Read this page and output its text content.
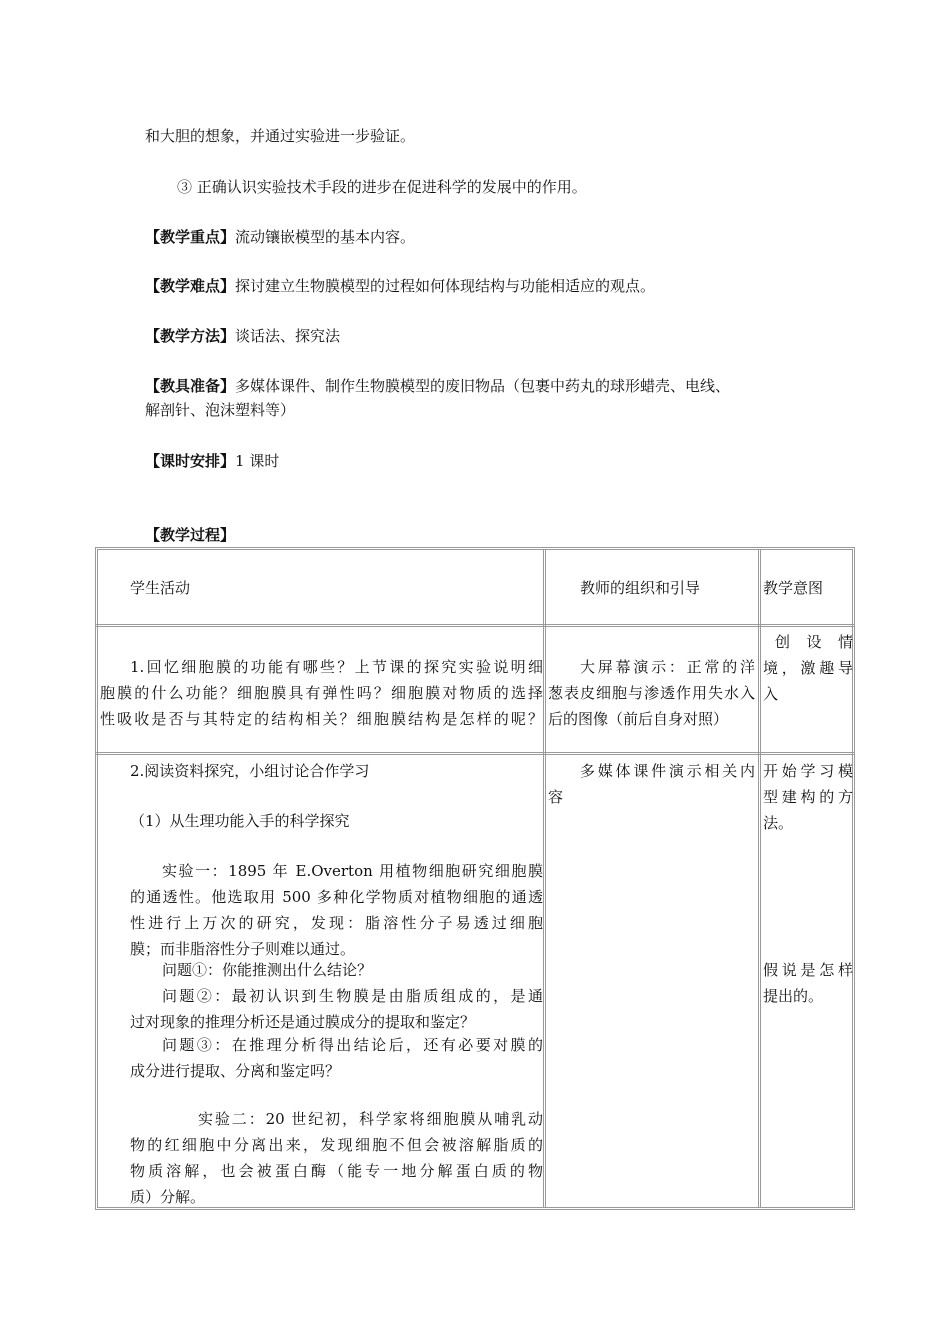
和大胆的想象，并通过实验进一步验证。
③ 正确认识实验技术手段的进步在促进科学的发展中的作用。
【教学重点】流动镶嵌模型的基本内容。
【教学难点】探讨建立生物膜模型的过程如何体现结构与功能相适应的观点。
【教学方法】谈话法、探究法
【教具准备】多媒体课件、制作生物膜模型的废旧物品（包裹中药丸的球形蜡壳、电线、
解剖针、泡沫塑料等）
【课时安排】1 课时
【教学过程】
学生活动	教师的组织和引导	教学意图

1.回忆细胞膜的功能有哪些？上节课的探究实验说明细

胞膜的什么功能？细胞膜具有弹性吗？细胞膜对物质的选择

性吸收是否与其特定的结构相关？细胞膜结构是怎样的呢？

大屏幕演示：正常的洋

葱表皮细胞与渗透作用失水入

后的图像（前后自身对照）

创　设　情

境，激趣导

入

2.阅读资料探究，小组讨论合作学习
（1）从生理功能入手的科学探究

实验一：1895 年 E.Overton 用植物细胞研究细胞膜

的通透性。他选取用 500 多种化学物质对植物细胞的通透

性进行上万次的研究，发现：脂溶性分子易透过细胞

膜；而非脂溶性分子则难以通过。

问题①：你能推测出什么结论？

问题②：最初认识到生物膜是由脂质组成的，是通

过对现象的推理分析还是通过膜成分的提取和鉴定？

问题③：在推理分析得出结论后，还有必要对膜的

成分进行提取、分离和鉴定吗？

实验二：20 世纪初，科学家将细胞膜从哺乳动

物的红细胞中分离出来，发现细胞不但会被溶解脂质的

物质溶解，也会被蛋白酶（能专一地分解蛋白质的物

质）分解。

多媒体课件演示相关内

容

开始学习模

型建构的方

法。

假说是怎样

提出的。
